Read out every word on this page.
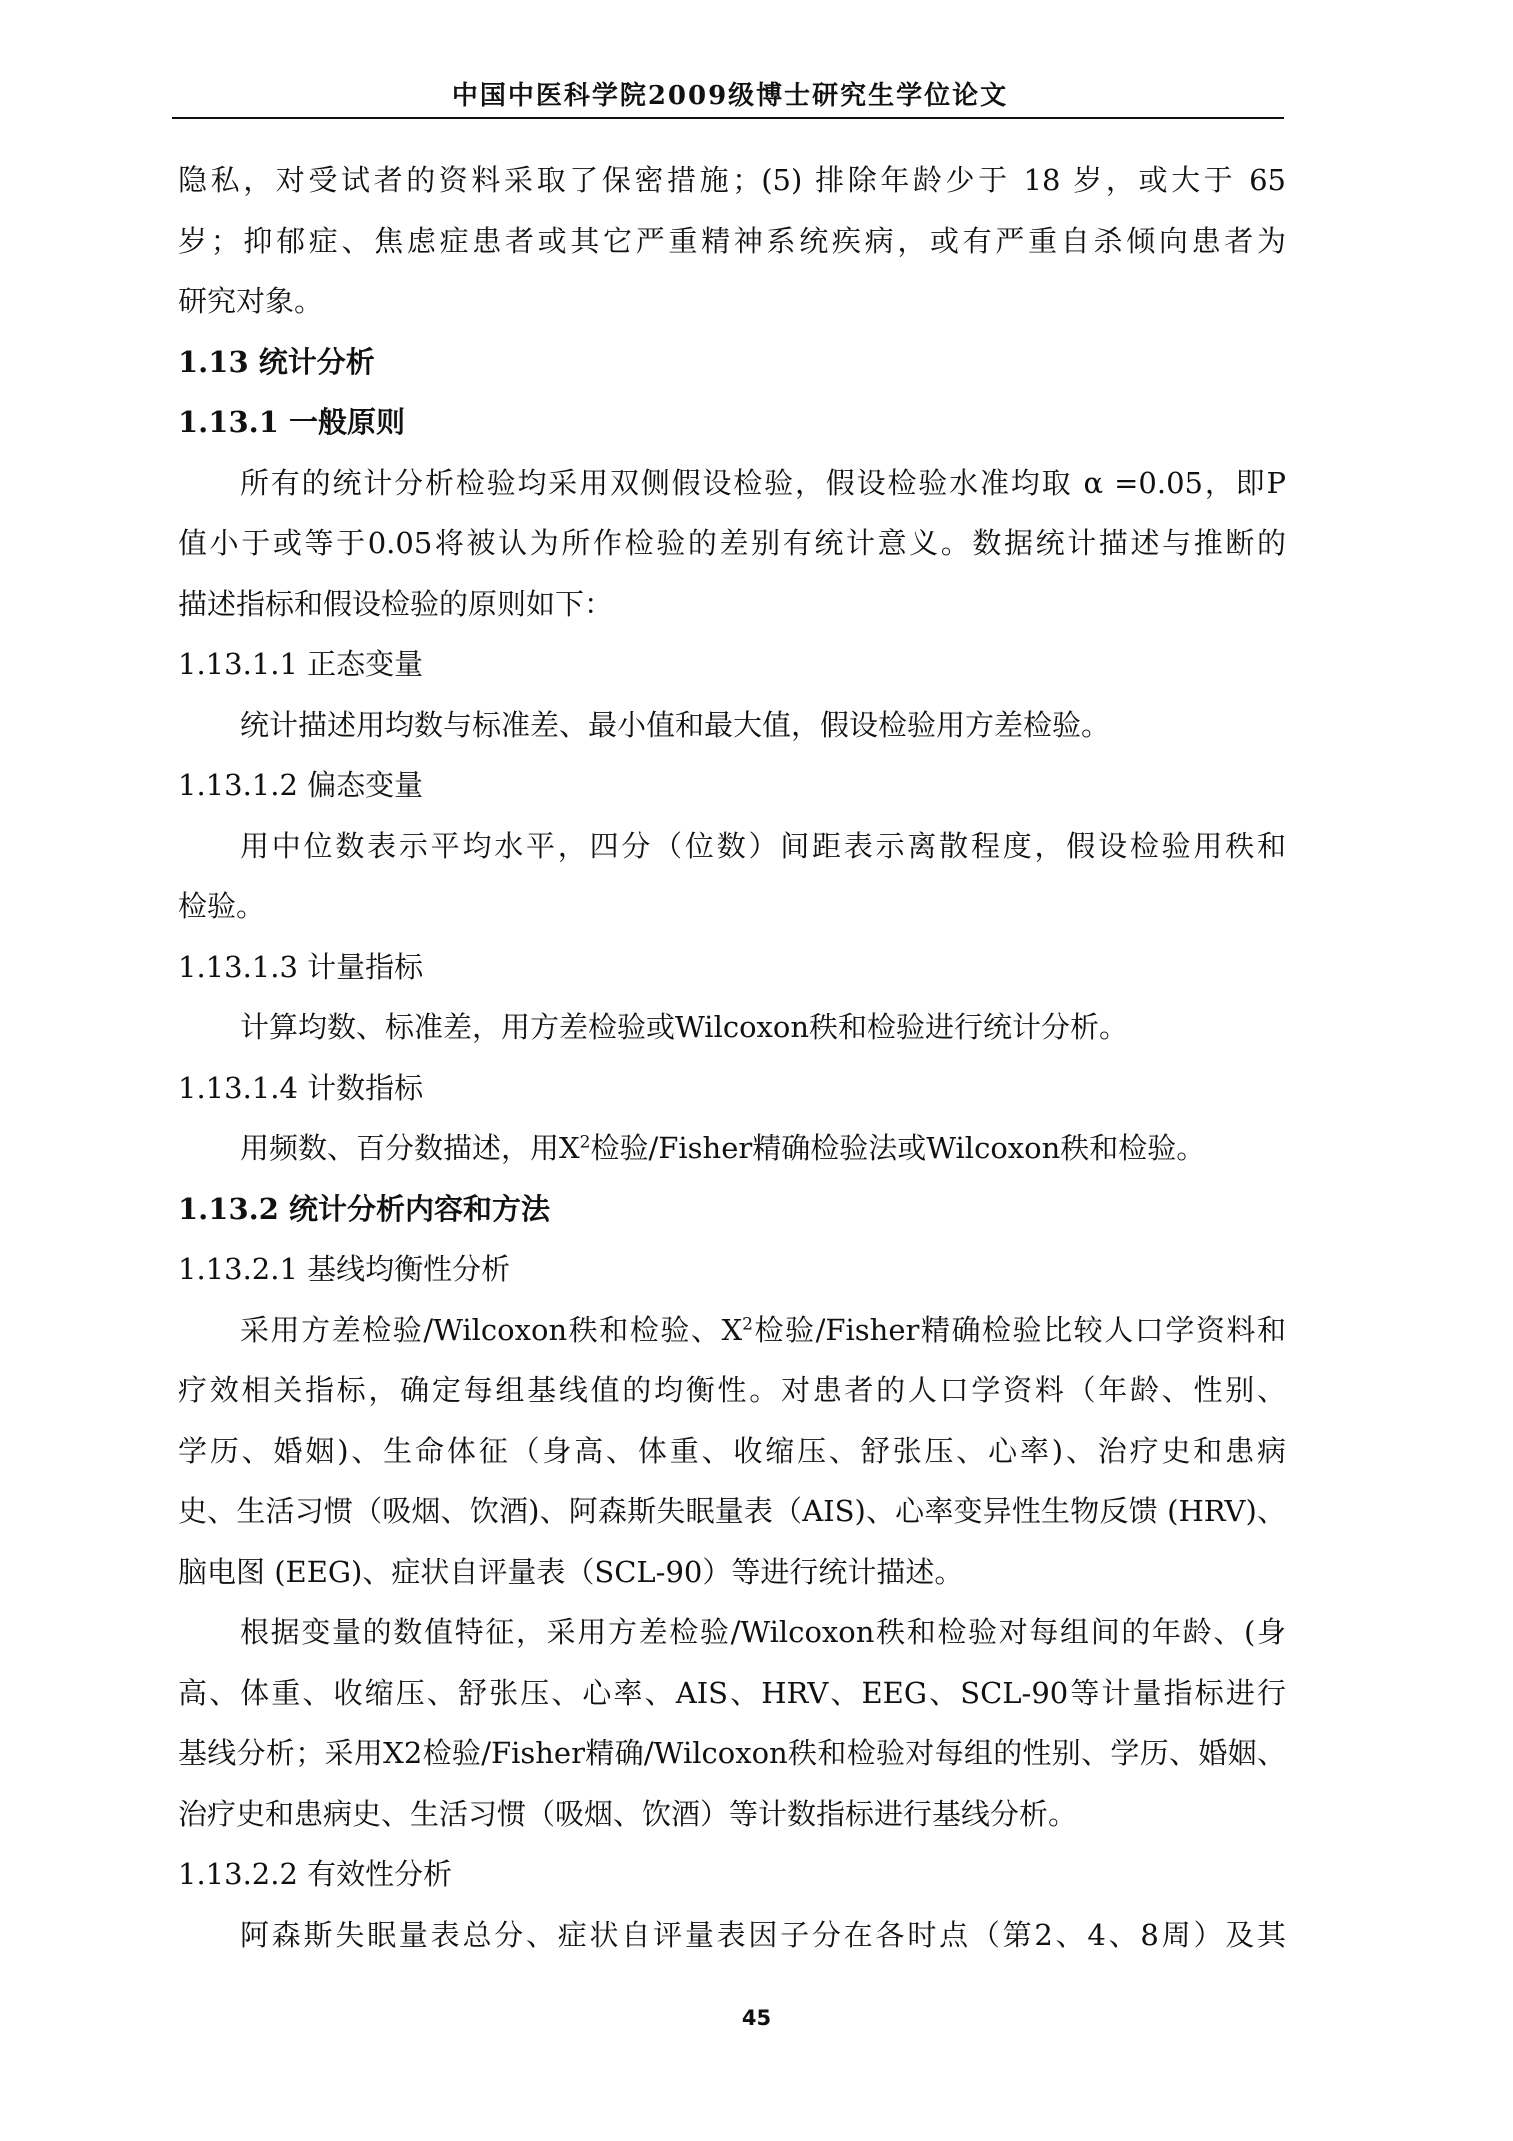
中国中医科学院2009级博士研究生学位论文

隐私，对受试者的资料采取了保密措施；(5) 排除年龄少于 18 岁，或大于 65

岁；抑郁症、焦虑症患者或其它严重精神系统疾病，或有严重自杀倾向患者为

研究对象。

1.13 统计分析

1.13.1 一般原则

所有的统计分析检验均采用双侧假设检验，假设检验水准均取 α =0.05，即P

值小于或等于0.05将被认为所作检验的差别有统计意义。数据统计描述与推断的

描述指标和假设检验的原则如下：

1.13.1.1 正态变量

统计描述用均数与标准差、最小值和最大值，假设检验用方差检验。

1.13.1.2 偏态变量

用中位数表示平均水平，四分（位数）间距表示离散程度，假设检验用秩和

检验。

1.13.1.3 计量指标

计算均数、标准差，用方差检验或Wilcoxon秩和检验进行统计分析。

1.13.1.4 计数指标

用频数、百分数描述，用$X^2$检验/Fisher精确检验法或Wilcoxon秩和检验。

1.13.2 统计分析内容和方法

1.13.2.1 基线均衡性分析

采用方差检验/Wilcoxon秩和检验、$X^2$检验/Fisher精确检验比较人口学资料和

疗效相关指标，确定每组基线值的均衡性。对患者的人口学资料（年龄、性别、

学历、婚姻)、生命体征（身高、体重、收缩压、舒张压、心率)、治疗史和患病

史、生活习惯（吸烟、饮酒)、阿森斯失眠量表（AIS)、心率变异性生物反馈 (HRV)、

脑电图 (EEG)、症状自评量表（SCL-90）等进行统计描述。

根据变量的数值特征，采用方差检验/Wilcoxon秩和检验对每组间的年龄、(身

高、体重、收缩压、舒张压、心率、AIS、HRV、EEG、SCL-90等计量指标进行

基线分析；采用X2检验/Fisher精确/Wilcoxon秩和检验对每组的性别、学历、婚姻、

治疗史和患病史、生活习惯（吸烟、饮酒）等计数指标进行基线分析。

1.13.2.2 有效性分析

阿森斯失眠量表总分、症状自评量表因子分在各时点（第2、4、8周）及其

45
